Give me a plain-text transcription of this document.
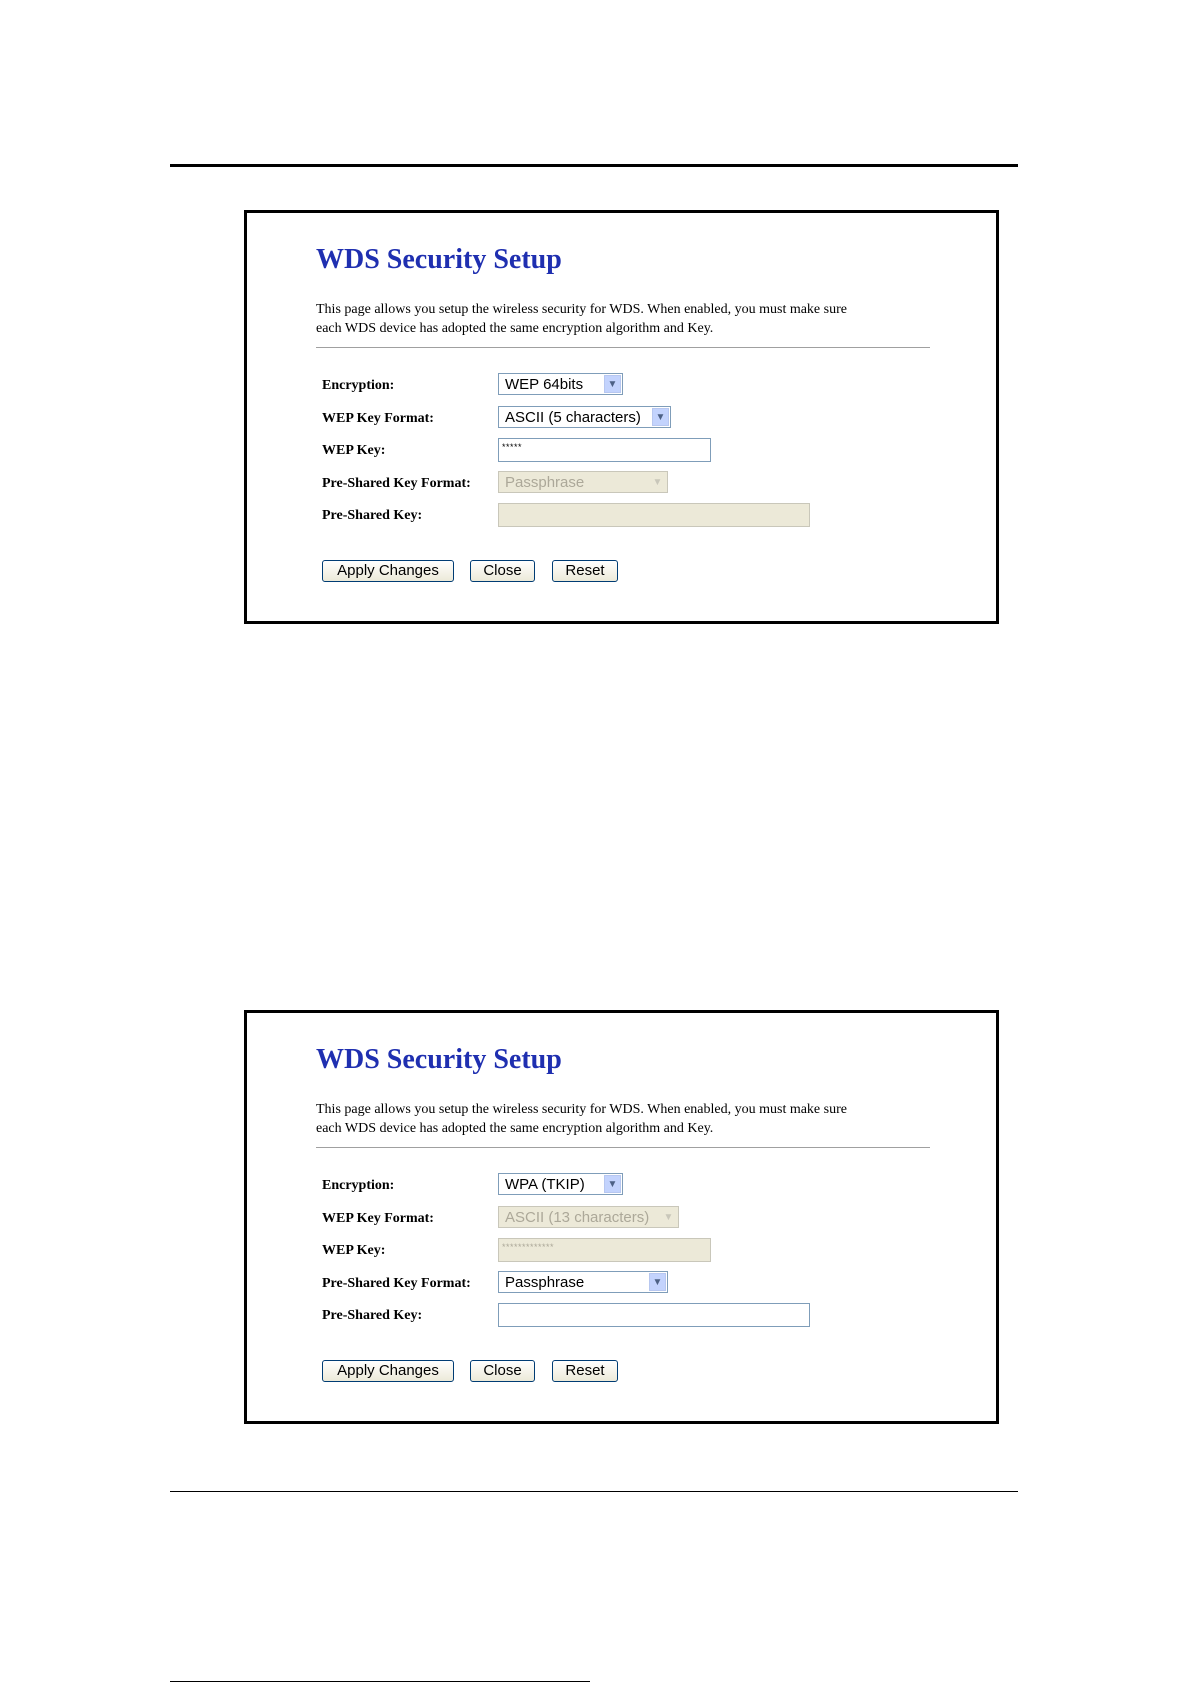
WDS Security Setup
This page allows you setup the wireless security for WDS. When enabled, you must make sure
each WDS device has adopted the same encryption algorithm and Key.
Encryption:	WEP 64bits	▼
WEP Key Format:	ASCII (5 characters)	▼
WEP Key:	*****
Pre-Shared Key Format: Passphrase	▼
Pre-Shared Key:
Apply Changes	Close	Reset
WDS Security Setup
This page allows you setup the wireless security for WDS. When enabled, you must make sure
each WDS device has adopted the same encryption algorithm and Key.
Encryption:	WPA (TKIP)	▼
WEP Key Format:	ASCII (13 characters)	▼
WEP Key:	*************
Pre-Shared Key Format: Passphrase	▼
Pre-Shared Key:
Apply Changes	Close	Reset
